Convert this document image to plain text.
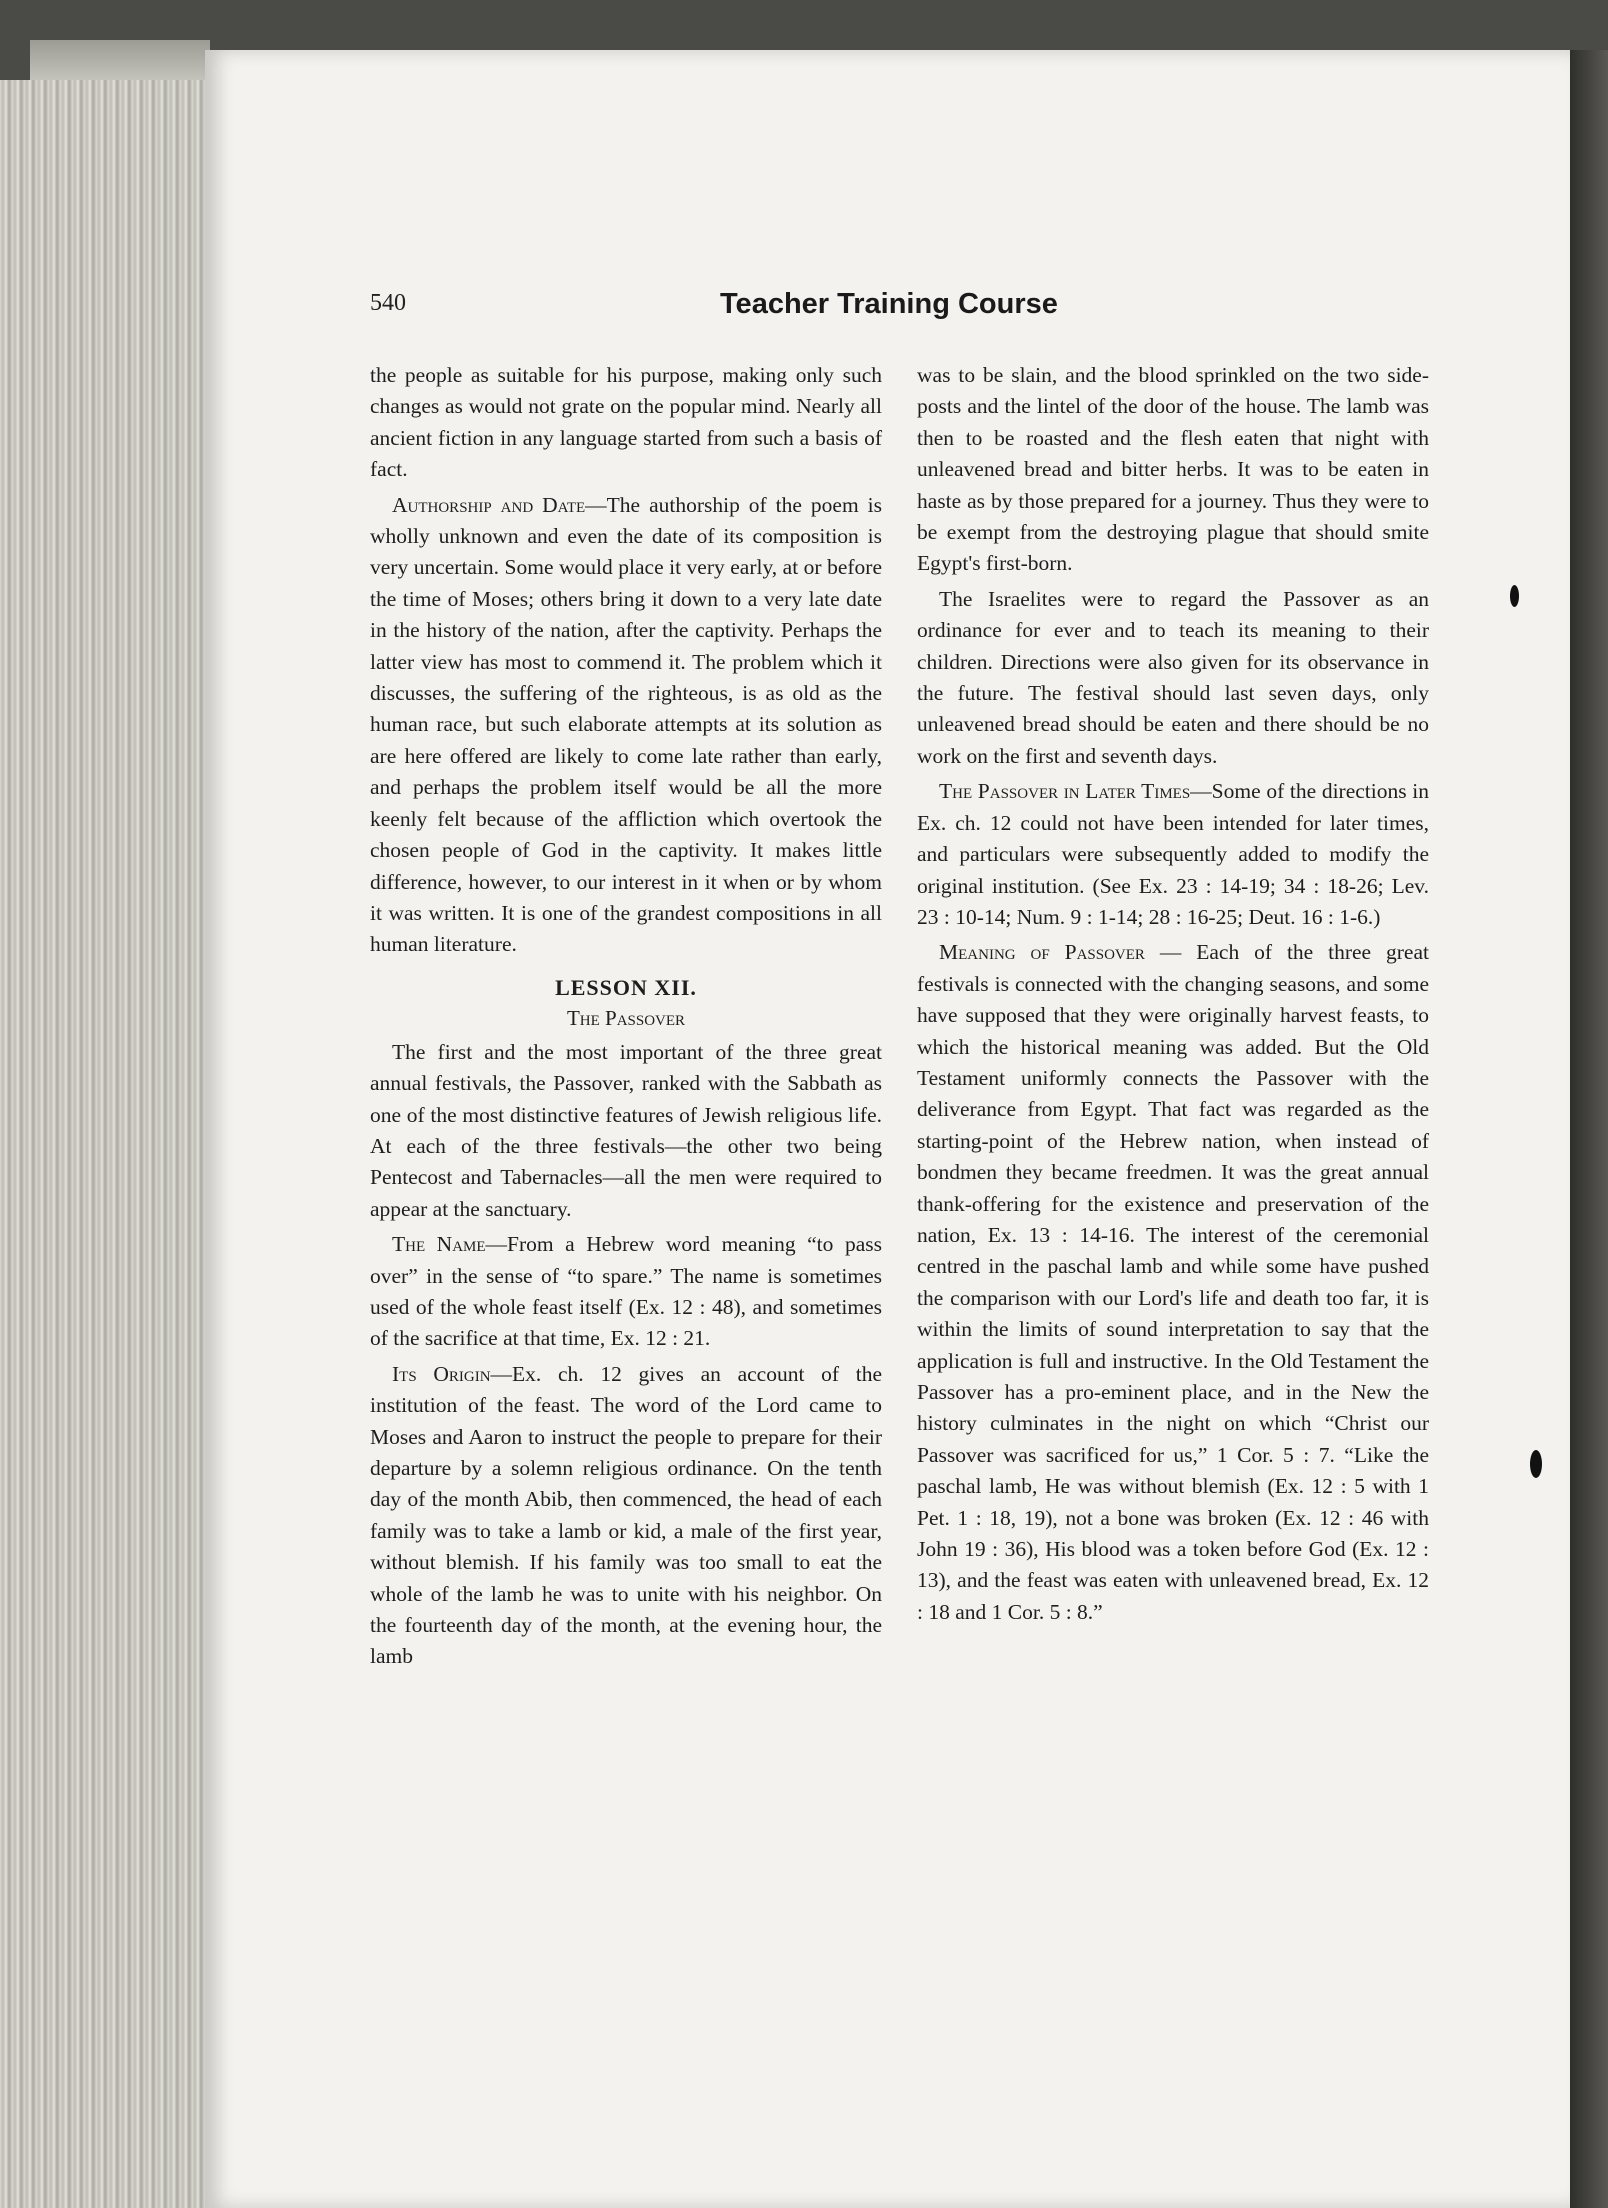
540	Teacher Training Course

the people as suitable for his purpose, making only such changes as would not grate on the popular mind. Nearly all ancient fiction in any language started from such a basis of fact.

Authorship and Date—The authorship of the poem is wholly unknown and even the date of its composition is very uncertain. Some would place it very early, at or before the time of Moses; others bring it down to a very late date in the history of the nation, after the captivity. Perhaps the latter view has most to commend it. The problem which it discusses, the suffering of the righteous, is as old as the human race, but such elaborate attempts at its solution as are here offered are likely to come late rather than early, and perhaps the problem itself would be all the more keenly felt because of the affliction which overtook the chosen people of God in the captivity. It makes little difference, however, to our interest in it when or by whom it was written. It is one of the grandest compositions in all human literature.

LESSON XII.
The Passover

The first and the most important of the three great annual festivals, the Passover, ranked with the Sabbath as one of the most distinctive features of Jewish religious life. At each of the three festivals—the other two being Pentecost and Tabernacles—all the men were required to appear at the sanctuary.

The Name—From a Hebrew word meaning “to pass over” in the sense of “to spare.” The name is sometimes used of the whole feast itself (Ex. 12 : 48), and sometimes of the sacrifice at that time, Ex. 12 : 21.

Its Origin—Ex. ch. 12 gives an account of the institution of the feast. The word of the Lord came to Moses and Aaron to instruct the people to prepare for their departure by a solemn religious ordinance. On the tenth day of the month Abib, then commenced, the head of each family was to take a lamb or kid, a male of the first year, without blemish. If his family was too small to eat the whole of the lamb he was to unite with his neighbor. On the fourteenth day of the month, at the evening hour, the lamb

was to be slain, and the blood sprinkled on the two side-posts and the lintel of the door of the house. The lamb was then to be roasted and the flesh eaten that night with unleavened bread and bitter herbs. It was to be eaten in haste as by those prepared for a journey. Thus they were to be exempt from the destroying plague that should smite Egypt's first-born.

The Israelites were to regard the Passover as an ordinance for ever and to teach its meaning to their children. Directions were also given for its observance in the future. The festival should last seven days, only unleavened bread should be eaten and there should be no work on the first and seventh days.

The Passover in Later Times—Some of the directions in Ex. ch. 12 could not have been intended for later times, and particulars were subsequently added to modify the original institution. (See Ex. 23 : 14-19; 34 : 18-26; Lev. 23 : 10-14; Num. 9 : 1-14; 28 : 16-25; Deut. 16 : 1-6.)

Meaning of Passover — Each of the three great festivals is connected with the changing seasons, and some have supposed that they were originally harvest feasts, to which the historical meaning was added. But the Old Testament uniformly connects the Passover with the deliverance from Egypt. That fact was regarded as the starting-point of the Hebrew nation, when instead of bondmen they became freedmen. It was the great annual thank-offering for the existence and preservation of the nation, Ex. 13 : 14-16. The interest of the ceremonial centred in the paschal lamb and while some have pushed the comparison with our Lord's life and death too far, it is within the limits of sound interpretation to say that the application is full and instructive. In the Old Testament the Passover has a pro-eminent place, and in the New the history culminates in the night on which “Christ our Passover was sacrificed for us,” 1 Cor. 5 : 7. “Like the paschal lamb, He was without blemish (Ex. 12 : 5 with 1 Pet. 1 : 18, 19), not a bone was broken (Ex. 12 : 46 with John 19 : 36), His blood was a token before God (Ex. 12 : 13), and the feast was eaten with unleavened bread, Ex. 12 : 18 and 1 Cor. 5 : 8.”
